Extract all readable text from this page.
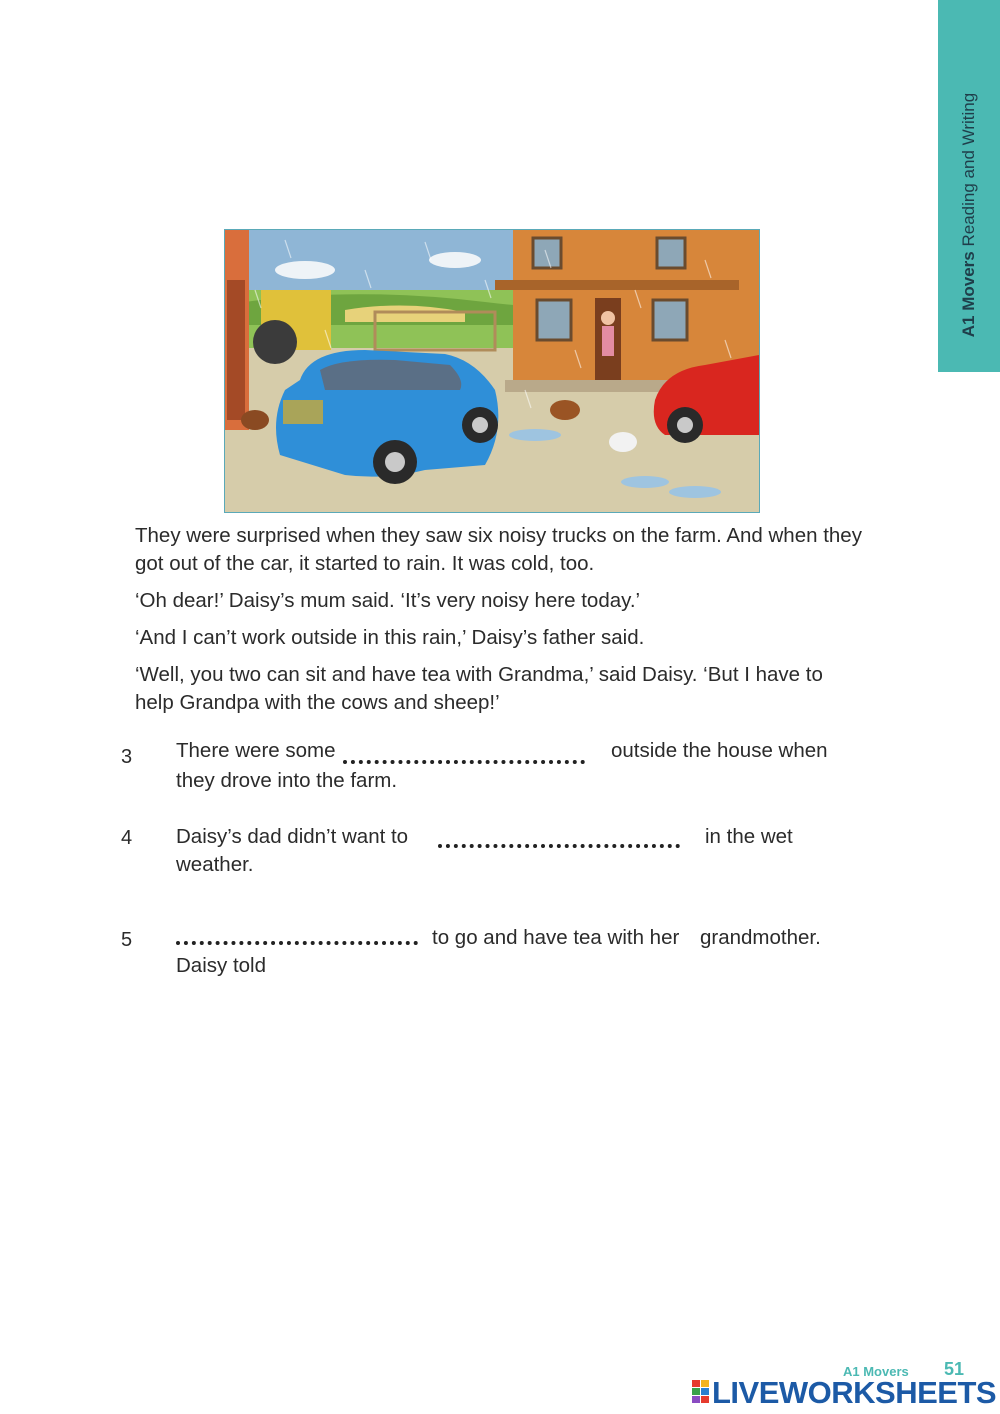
A1 Movers Reading and Writing
They were surprised when they saw six noisy trucks on the farm. And when they got out of the car, it started to rain. It was cold, too.
‘Oh dear!’ Daisy’s mum said. ‘It’s very noisy here today.’
‘And I can’t work outside in this rain,’ Daisy’s father said.
‘Well, you two can sit and have tea with Grandma,’ said Daisy. ‘But I have to help Grandpa with the cows and sheep!’
3 There were some	outside the house when
they drove into the farm.
4 Daisy’s dad didn’t want to	in the wet
weather.
5	to go and have tea with her grandmother.
Daisy told
A1 Movers 51
LIVEWORKSHEETS
